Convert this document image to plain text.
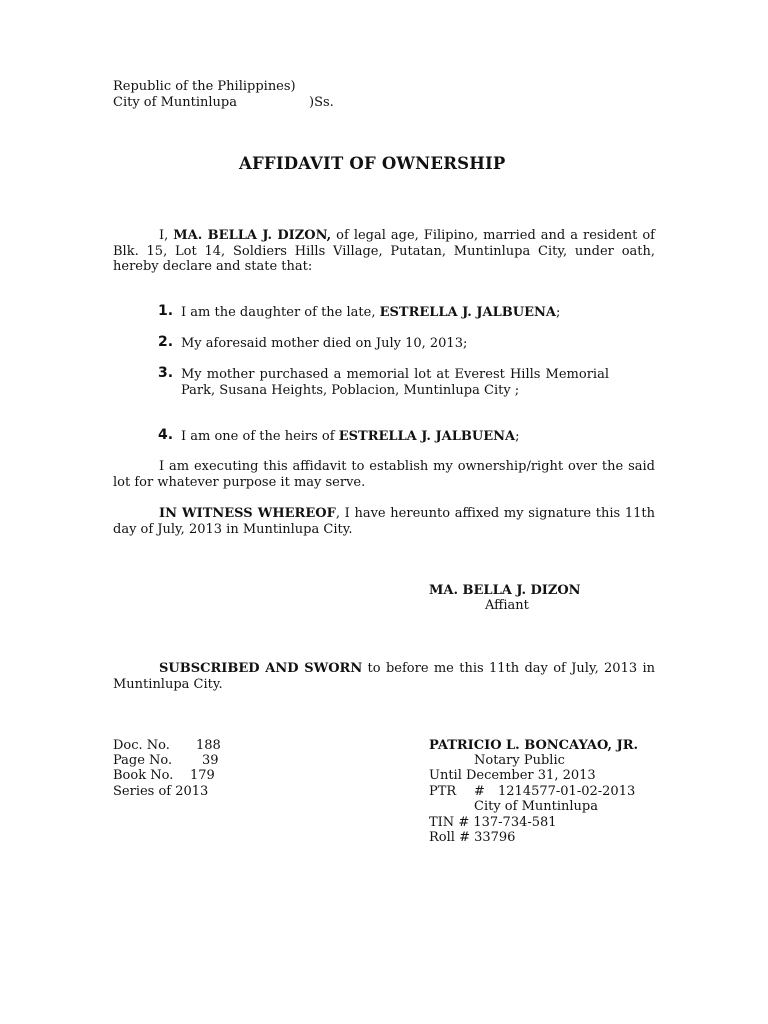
Republic of the Philippines)
City of Muntinlupa	)Ss.
AFFIDAVIT OF OWNERSHIP
I, MA. BELLA J. DIZON, of legal age, Filipino, married and a resident of Blk. 15, Lot 14, Soldiers Hills Village, Putatan, Muntinlupa City, under oath, hereby declare and state that:
1. I am the daughter of the late, ESTRELLA J. JALBUENA;
2. My aforesaid mother died on July 10, 2013;
3. My mother purchased a memorial lot at Everest Hills Memorial Park, Susana Heights, Poblacion, Muntinlupa City ;
4. I am one of the heirs of ESTRELLA J. JALBUENA;
I am executing this affidavit to establish my ownership/right over the said lot for whatever purpose it may serve.
IN WITNESS WHEREOF, I have hereunto affixed my signature this 11th day of July, 2013 in Muntinlupa City.
MA. BELLA J. DIZON
Affiant
SUBSCRIBED AND SWORN to before me this 11th day of July, 2013 in Muntinlupa City.
Doc. No. 188
Page No. 39
Book No. 179
Series of 2013
PATRICIO L. BONCAYAO, JR.
Notary Public
Until December 31, 2013
PTR # 1214577-01-02-2013
City of Muntinlupa
TIN # 137-734-581
Roll # 33796
